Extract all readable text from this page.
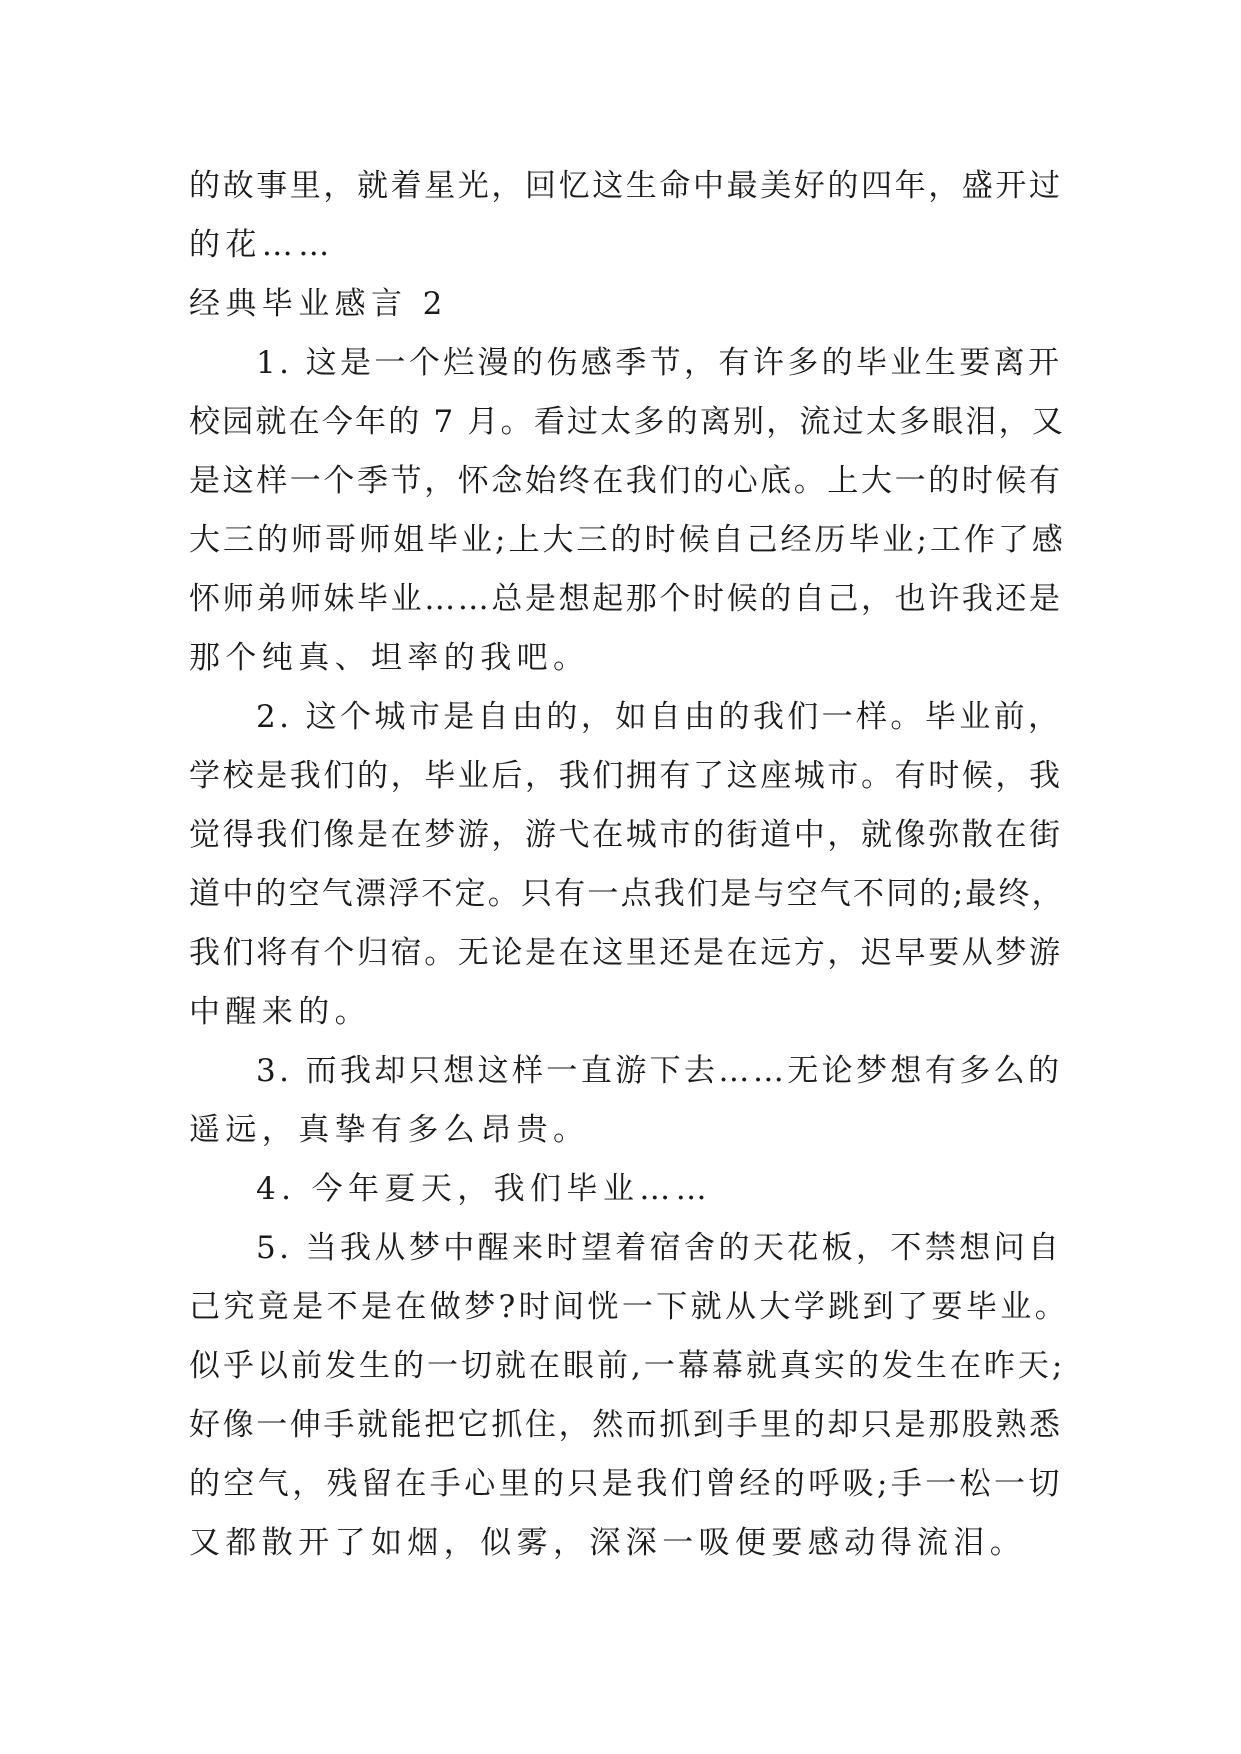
的故事里，就着星光，回忆这生命中最美好的四年，盛开过
的花……
经典毕业感言 2
1. 这是一个烂漫的伤感季节，有许多的毕业生要离开
校园就在今年的 7 月。看过太多的离别，流过太多眼泪，又
是这样一个季节，怀念始终在我们的心底。上大一的时候有
大三的师哥师姐毕业;上大三的时候自己经历毕业;工作了感
怀师弟师妹毕业……总是想起那个时候的自己，也许我还是
那个纯真、坦率的我吧。
2. 这个城市是自由的，如自由的我们一样。毕业前，
学校是我们的，毕业后，我们拥有了这座城市。有时候，我
觉得我们像是在梦游，游弋在城市的街道中，就像弥散在街
道中的空气漂浮不定。只有一点我们是与空气不同的;最终，
我们将有个归宿。无论是在这里还是在远方，迟早要从梦游
中醒来的。
3. 而我却只想这样一直游下去……无论梦想有多么的
遥远，真挚有多么昂贵。
4. 今年夏天，我们毕业……
5. 当我从梦中醒来时望着宿舍的天花板，不禁想问自
己究竟是不是在做梦?时间恍一下就从大学跳到了要毕业。
似乎以前发生的一切就在眼前,一幕幕就真实的发生在昨天;
好像一伸手就能把它抓住，然而抓到手里的却只是那股熟悉
的空气，残留在手心里的只是我们曾经的呼吸;手一松一切
又都散开了如烟，似雾，深深一吸便要感动得流泪。
